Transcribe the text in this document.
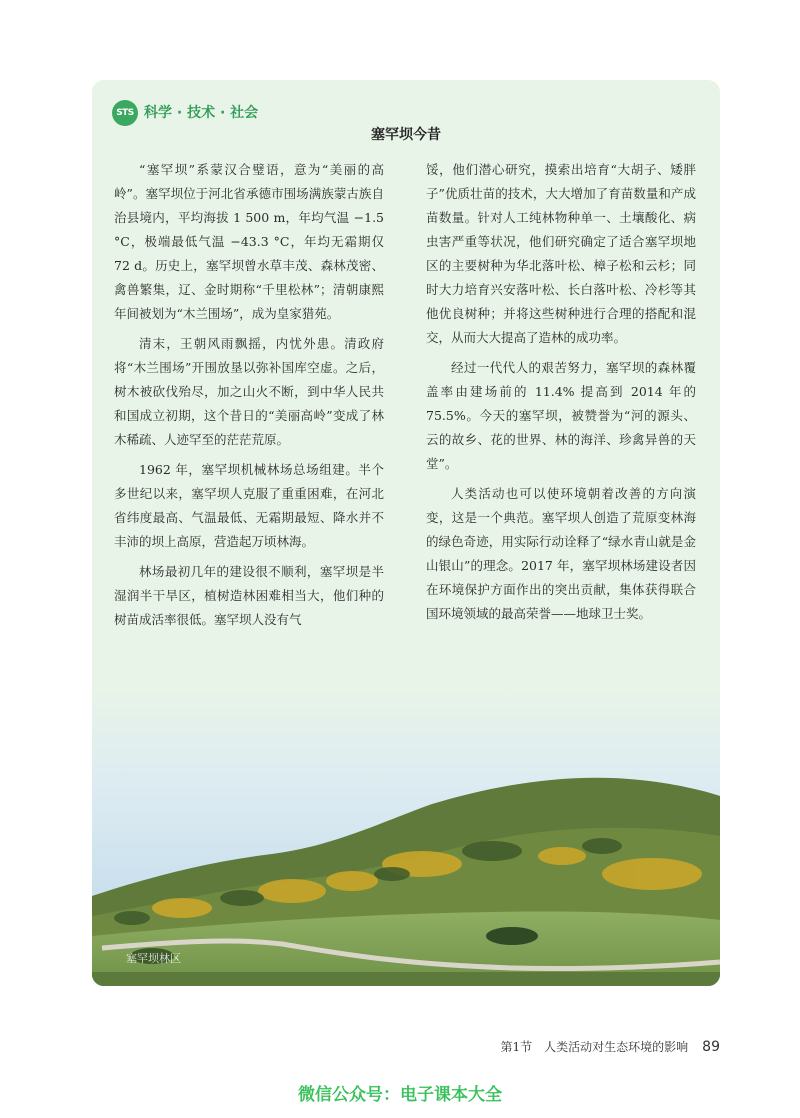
STS 科学 · 技术 · 社会
塞罕坝今昔

“塞罕坝”系蒙汉合璧语，意为“美丽的高岭”。塞罕坝位于河北省承德市围场满族蒙古族自治县境内，平均海拔 1 500 m，年均气温 −1.5 °C，极端最低气温 −43.3 °C，年均无霜期仅 72 d。历史上，塞罕坝曾水草丰茂、森林茂密、禽兽繁集，辽、金时期称“千里松林”；清朝康熙年间被划为“木兰围场”，成为皇家猎苑。

清末，王朝风雨飘摇，内忧外患。清政府将“木兰围场”开围放垦以弥补国库空虚。之后，树木被砍伐殆尽，加之山火不断，到中华人民共和国成立初期，这个昔日的“美丽高岭”变成了林木稀疏、人迹罕至的茫茫荒原。

1962 年，塞罕坝机械林场总场组建。半个多世纪以来，塞罕坝人克服了重重困难，在河北省纬度最高、气温最低、无霜期最短、降水并不丰沛的坝上高原，营造起万顷林海。

林场最初几年的建设很不顺利，塞罕坝是半湿润半干旱区，植树造林困难相当大，他们种的树苗成活率很低。塞罕坝人没有气

馁，他们潜心研究，摸索出培育“大胡子、矮胖子”优质壮苗的技术，大大增加了育苗数量和产成苗数量。针对人工纯林物种单一、土壤酸化、病虫害严重等状况，他们研究确定了适合塞罕坝地区的主要树种为华北落叶松、樟子松和云杉；同时大力培育兴安落叶松、长白落叶松、冷杉等其他优良树种；并将这些树种进行合理的搭配和混交，从而大大提高了造林的成功率。

经过一代代人的艰苦努力，塞罕坝的森林覆盖率由建场前的 11.4% 提高到 2014 年的 75.5%。今天的塞罕坝，被赞誉为“河的源头、云的故乡、花的世界、林的海洋、珍禽异兽的天堂”。

人类活动也可以使环境朝着改善的方向演变，这是一个典范。塞罕坝人创造了荒原变林海的绿色奇迹，用实际行动诠释了“绿水青山就是金山银山”的理念。2017 年，塞罕坝林场建设者因在环境保护方面作出的突出贡献，集体获得联合国环境领域的最高荣誉——地球卫士奖。

塞罕坝林区
第1节　人类活动对生态环境的影响 89
微信公众号：电子课本大全
